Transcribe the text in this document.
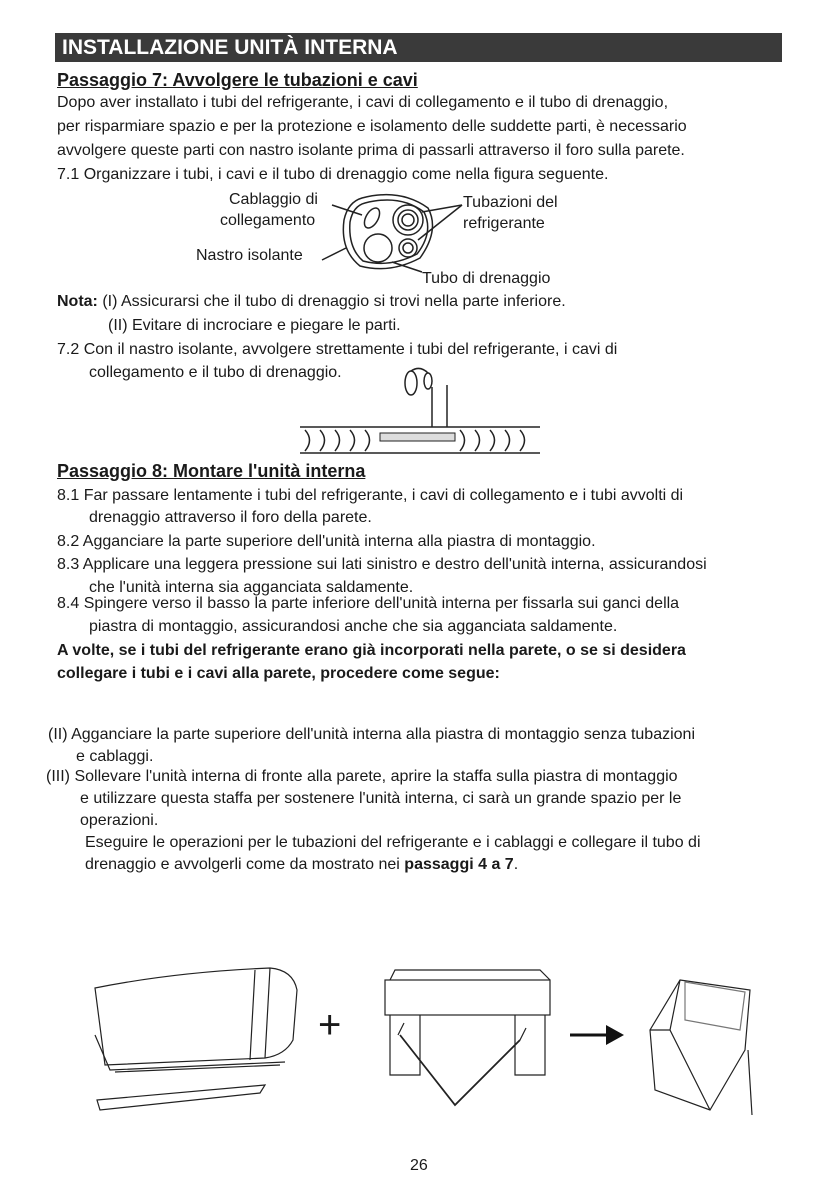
INSTALLAZIONE UNITÀ INTERNA
Passaggio 7: Avvolgere le tubazioni e cavi
Dopo aver installato i tubi del refrigerante, i cavi di collegamento e il tubo di drenaggio,
per risparmiare spazio e per la protezione e isolamento delle suddette parti, è necessario
avvolgere queste parti con nastro isolante prima di passarli attraverso il foro sulla parete.
7.1 Organizzare i tubi, i cavi e il tubo di drenaggio come nella figura seguente.
Cablaggio di
collegamento
Tubazioni del
refrigerante
Nastro isolante
Tubo di drenaggio
Nota: (I) Assicurarsi che il tubo di drenaggio si trovi nella parte inferiore.
(II) Evitare di incrociare e piegare le parti.
7.2 Con il nastro isolante, avvolgere strettamente i tubi del refrigerante, i cavi di
collegamento e il tubo di drenaggio.
Passaggio 8: Montare l'unità interna
8.1 Far passare lentamente i tubi del refrigerante, i cavi di collegamento e i tubi avvolti di
drenaggio attraverso il foro della parete.
8.2 Agganciare la parte superiore dell'unità interna alla piastra di montaggio.
8.3 Applicare una leggera pressione sui lati sinistro e destro dell'unità interna, assicurandosi
che l'unità interna sia agganciata saldamente.
8.4 Spingere verso il basso la parte inferiore dell'unità interna per fissarla sui ganci della
piastra di montaggio, assicurandosi anche che sia agganciata saldamente.
A volte, se i tubi del refrigerante erano già incorporati nella parete, o se si desidera
collegare i tubi e i cavi alla parete, procedere come segue:
(II) Agganciare la parte superiore dell'unità interna alla piastra di montaggio senza tubazioni
e cablaggi.
(III) Sollevare l'unità interna di fronte alla parete, aprire la staffa sulla piastra di montaggio
e utilizzare questa staffa per sostenere l'unità interna, ci sarà un grande spazio per le
operazioni.
Eseguire le operazioni per le tubazioni del refrigerante e i cablaggi e collegare il tubo di
drenaggio e avvolgerli come da mostrato nei passaggi 4 a 7.
+
26
